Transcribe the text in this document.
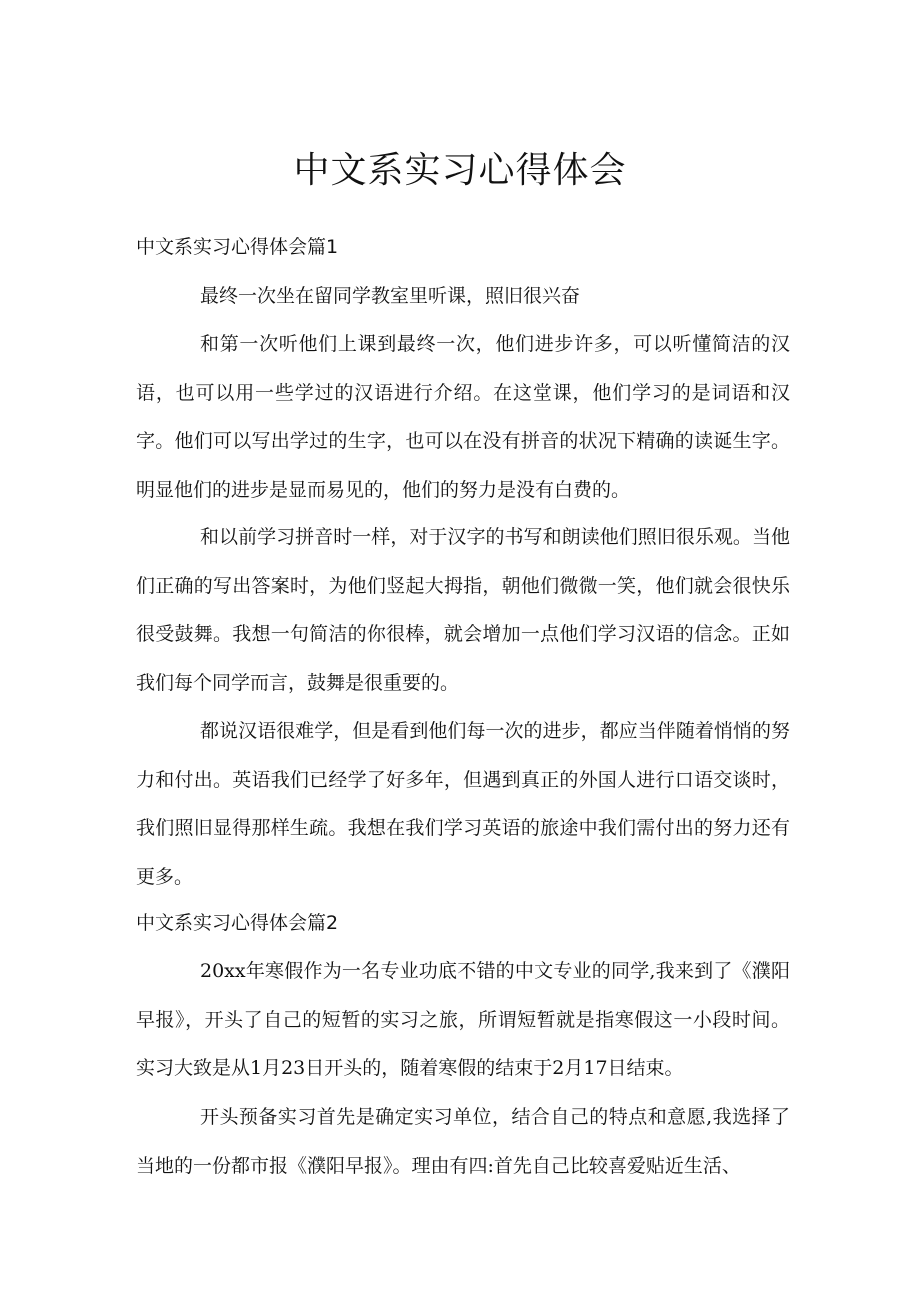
中文系实习心得体会
中文系实习心得体会篇1

最终一次坐在留同学教室里听课，照旧很兴奋

和第一次听他们上课到最终一次，他们进步许多，可以听懂简洁的汉语，也可以用一些学过的汉语进行介绍。在这堂课，他们学习的是词语和汉字。他们可以写出学过的生字，也可以在没有拼音的状况下精确的读诞生字。明显他们的进步是显而易见的，他们的努力是没有白费的。

和以前学习拼音时一样，对于汉字的书写和朗读他们照旧很乐观。当他们正确的写出答案时，为他们竖起大拇指，朝他们微微一笑，他们就会很快乐很受鼓舞。我想一句简洁的你很棒，就会增加一点他们学习汉语的信念。正如我们每个同学而言，鼓舞是很重要的。

都说汉语很难学，但是看到他们每一次的进步，都应当伴随着悄悄的努力和付出。英语我们已经学了好多年，但遇到真正的外国人进行口语交谈时，我们照旧显得那样生疏。我想在我们学习英语的旅途中我们需付出的努力还有更多。

中文系实习心得体会篇2

20xx年寒假作为一名专业功底不错的中文专业的同学,我来到了《濮阳早报》，开头了自己的短暂的实习之旅，所谓短暂就是指寒假这一小段时间。实习大致是从1月23日开头的，随着寒假的结束于2月17日结束。

开头预备实习首先是确定实习单位，结合自己的特点和意愿,我选择了当地的一份都市报《濮阳早报》。理由有四:首先自己比较喜爱贴近生活、
